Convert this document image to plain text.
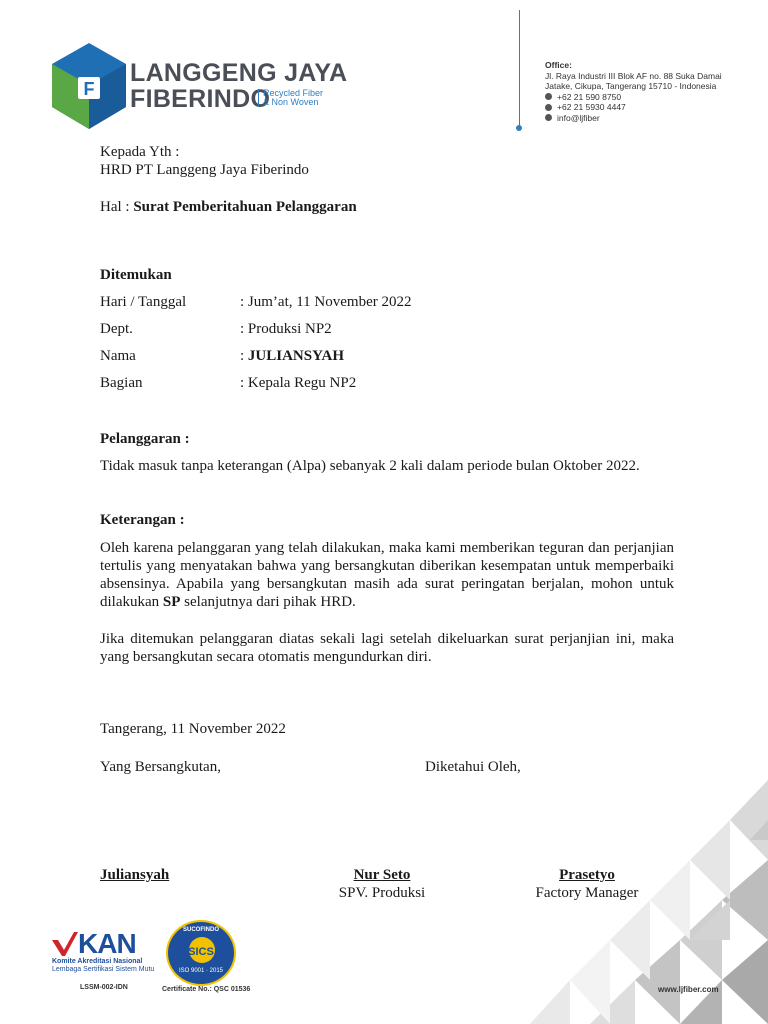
F
LANGGENG JAYA
FIBERINDO
Recycled Fiber
& Non Woven
Office:
Jl. Raya Industri III Blok AF no. 88 Suka Damai
Jatake, Cikupa, Tangerang 15710 - Indonesia
+62 21 590 8750
+62 21 5930 4447
info@ljfiber
Kepada Yth :
HRD PT Langgeng Jaya Fiberindo
Hal : Surat Pemberitahuan Pelanggaran
Ditemukan
Hari / Tanggal	: Jum’at, 11 November 2022
Dept.	: Produksi NP2
Nama	: JULIANSYAH
Bagian	: Kepala Regu NP2
Pelanggaran :
Tidak masuk tanpa keterangan (Alpa) sebanyak 2 kali dalam periode bulan Oktober 2022.
Keterangan :
Oleh karena pelanggaran yang telah dilakukan, maka kami memberikan teguran dan perjanjian tertulis yang menyatakan bahwa yang bersangkutan diberikan kesempatan untuk memperbaiki absensinya. Apabila yang bersangkutan masih ada surat peringatan berjalan, mohon untuk dilakukan SP selanjutnya dari pihak HRD.
Jika ditemukan pelanggaran diatas sekali lagi setelah dikeluarkan surat perjanjian ini, maka yang bersangkutan secara otomatis mengundurkan diri.
Tangerang, 11 November 2022
Yang Bersangkutan,	Diketahui Oleh,
Juliansyah	Nur Seto
SPV. Produksi
Prasetyo
Factory Manager
KAN
Komite Akreditasi Nasional
Lembaga Sertifikasi Sistem Mutu
LSSM-002-IDN
SUCOFINDO
SICS
ISO 9001 · 2015
Certificate No.: QSC 01536	www.ljfiber.com
